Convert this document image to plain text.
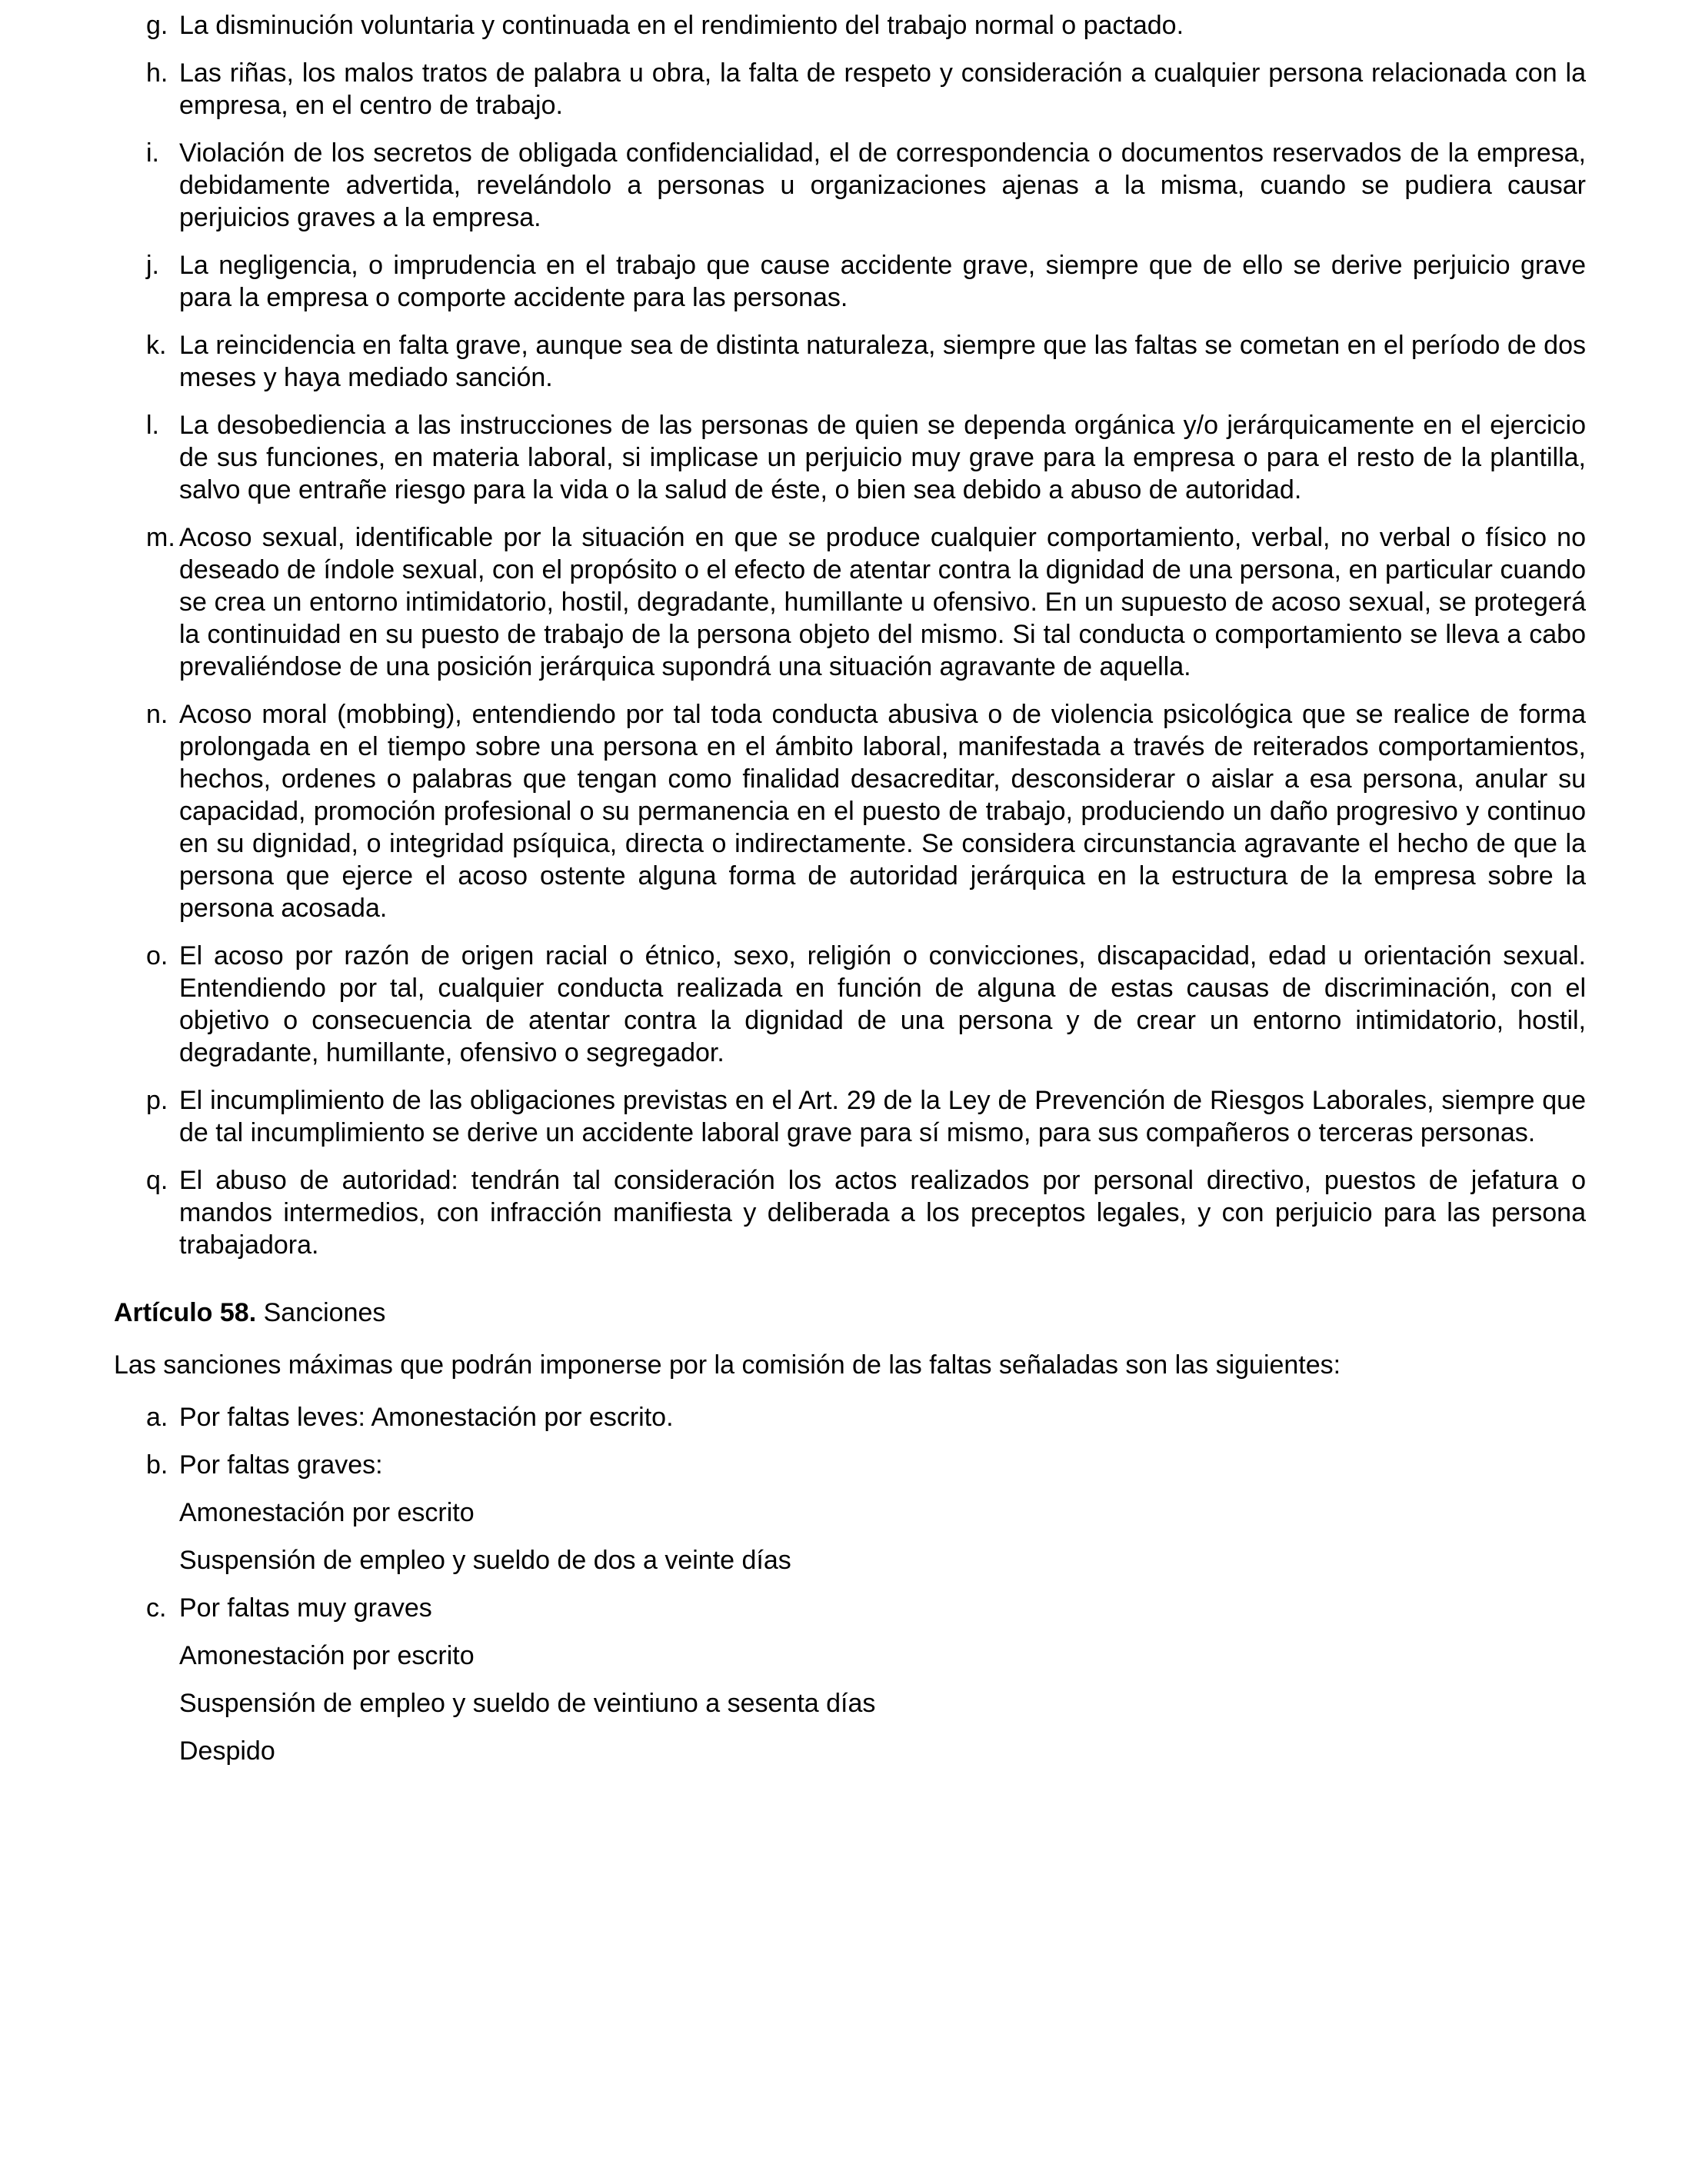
g. La disminución voluntaria y continuada en el rendimiento del trabajo normal o pactado.

h. Las riñas, los malos tratos de palabra u obra, la falta de respeto y consideración a cualquier persona relacionada con la empresa, en el centro de trabajo.

i. Violación de los secretos de obligada confidencialidad, el de correspondencia o documentos reservados de la empresa, debidamente advertida, revelándolo a personas u organizaciones ajenas a la misma, cuando se pudiera causar perjuicios graves a la empresa.

j. La negligencia, o imprudencia en el trabajo que cause accidente grave, siempre que de ello se derive perjuicio grave para la empresa o comporte accidente para las personas.

k. La reincidencia en falta grave, aunque sea de distinta naturaleza, siempre que las faltas se cometan en el período de dos meses y haya mediado sanción.

l. La desobediencia a las instrucciones de las personas de quien se dependa orgánica y/o jerárquicamente en el ejercicio de sus funciones, en materia laboral, si implicase un perjuicio muy grave para la empresa o para el resto de la plantilla, salvo que entrañe riesgo para la vida o la salud de éste, o bien sea debido a abuso de autoridad.

m. Acoso sexual, identificable por la situación en que se produce cualquier comportamiento, verbal, no verbal o físico no deseado de índole sexual, con el propósito o el efecto de atentar contra la dignidad de una persona, en particular cuando se crea un entorno intimidatorio, hostil, degradante, humillante u ofensivo. En un supuesto de acoso sexual, se protegerá la continuidad en su puesto de trabajo de la persona objeto del mismo. Si tal conducta o comportamiento se lleva a cabo prevaliéndose de una posición jerárquica supondrá una situación agravante de aquella.

n. Acoso moral (mobbing), entendiendo por tal toda conducta abusiva o de violencia psicológica que se realice de forma prolongada en el tiempo sobre una persona en el ámbito laboral, manifestada a través de reiterados comportamientos, hechos, ordenes o palabras que tengan como finalidad desacreditar, desconsiderar o aislar a esa persona, anular su capacidad, promoción profesional o su permanencia en el puesto de trabajo, produciendo un daño progresivo y continuo en su dignidad, o integridad psíquica, directa o indirectamente. Se considera circunstancia agravante el hecho de que la persona que ejerce el acoso ostente alguna forma de autoridad jerárquica en la estructura de la empresa sobre la persona acosada.

o. El acoso por razón de origen racial o étnico, sexo, religión o convicciones, discapacidad, edad u orientación sexual. Entendiendo por tal, cualquier conducta realizada en función de alguna de estas causas de discriminación, con el objetivo o consecuencia de atentar contra la dignidad de una persona y de crear un entorno intimidatorio, hostil, degradante, humillante, ofensivo o segregador.

p. El incumplimiento de las obligaciones previstas en el Art. 29 de la Ley de Prevención de Riesgos Laborales, siempre que de tal incumplimiento se derive un accidente laboral grave para sí mismo, para sus compañeros o terceras personas.

q. El abuso de autoridad: tendrán tal consideración los actos realizados por personal directivo, puestos de jefatura o mandos intermedios, con infracción manifiesta y deliberada a los preceptos legales, y con perjuicio para las persona trabajadora.

Artículo 58. Sanciones

Las sanciones máximas que podrán imponerse por la comisión de las faltas señaladas son las siguientes:

a. Por faltas leves: Amonestación por escrito.

b. Por faltas graves:

Amonestación por escrito

Suspensión de empleo y sueldo de dos a veinte días

c. Por faltas muy graves

Amonestación por escrito

Suspensión de empleo y sueldo de veintiuno a sesenta días

Despido
